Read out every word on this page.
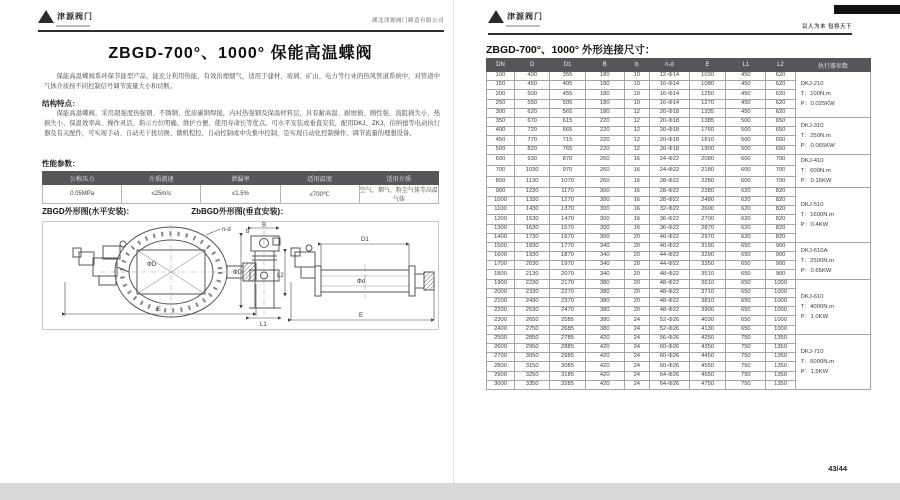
津源阀门	湖北津源阀门制造有限公司
ZBGD-700°、1000° 保能高温蝶阀

保能高温蝶阀系环保节能型产品，能充分利用热能、有效治理烟气，适用于建材、玻璃、矿山、电力等行业的热风管道系统中，对管道中气体介质按不同控制信号调节流量大小和切断。

结构特点：

保能高温蝶阀，采用超强度热强钢、不锈钢、优质碳钢焊接，内衬热强钢及保温材料层，具有耐高温、耐磨损、刚性强、流阻损失小、热损失小、保温效率高、操作灵活、指示方位明确、维护方便、使用寿命长等优点。可水平安装或垂直安装，配用DKJ、ZKJ、伯纳德等电动执行器及有关配件，可实现手动、自动无干扰切换、微机程控、自动控制或中央集中控制，是实现自动化控制操作、调节流量的理想设备。

性能参数：
公称压力	介质流速	泄漏率	适用温度	适用介质
0.05MPa	≤25m/s	≤1.5%	≤700℃	空气、烟气、粉尘气体等高温气体
ZBGD外形图(水平安装)：	ZbBGD外形图(垂直安装)：
E
n-d
ΦD
B
b
ΦD
L1
D1
Φd
E
L2
津源阀门
以人为本 包容天下
ZBGD-700°、1000° 外形连接尺寸：
DN	D	D1	B	b	n-d	E	L1	L2	执行器参数
100	400	355	180	10	12-Φ14	1030	450	620	DKJ-210
T：100N.m
P：0.025KW
150	450	405	180	10	16-Φ14	1080	450	620	
200	500	455	180	10	16-Φ14	1250	450	620	
250	550	505	180	10	16-Φ14	1270	450	620	
300	620	565	180	12	20-Φ18	1335	450	620	
350	670	615	220	12	20-Φ18	1385	500	650	DKJ-310
T：250N.m
P：0.065KW
400	720	665	220	12	20-Φ18	1760	500	650	
450	770	715	220	12	20-Φ18	1810	500	650	
500	820	765	220	12	20-Φ18	1900	500	650	
600	930	870	260	16	24-Φ22	2080	600	700	DKJ-410
T：600N.m
P：0.16KW
700	1030	970	260	16	24-Φ22	2180	600	700	
800	1130	1070	260	16	28-Φ22	2280	600	700	
900	1230	1170	300	16	28-Φ22	2380	620	820	DKJ-510
T：1600N.m
P：0.4KW
1000	1330	1270	300	16	28-Φ22	2480	620	820	
1100	1430	1370	300	16	32-Φ22	2600	620	820	
1200	1530	1470	300	16	36-Φ22	2700	620	820	
1300	1630	1570	300	16	36-Φ22	2870	620	820	
1400	1730	1670	300	20	40-Φ22	2970	620	820	
1500	1830	1770	340	20	40-Φ22	3190	650	900	DKJ-610A
T：2500N.m
P：0.65KW
1600	1930	1870	340	20	44-Φ22	3290	650	900	
1700	2030	1970	340	20	44-Φ22	3350	650	900	
1800	2130	2070	340	20	48-Φ22	3510	650	900	
1900	2230	2170	380	20	48-Φ22	3610	650	1000	DKJ-610
T：4000N.m
P：1.0KW
2000	2330	2270	380	20	48-Φ22	3710	650	1000	
2100	2430	2370	380	20	48-Φ22	3810	650	1000	
2200	2530	2470	380	20	48-Φ22	3900	650	1000	
2300	2650	2585	380	24	52-Φ26	4030	650	1000	
2400	2750	2685	380	24	52-Φ26	4130	650	1000	
2500	2850	2785	420	24	56-Φ26	4250	750	1350	DKJ-710
T：6000N.m
P：1.5KW
2600	2950	2885	420	24	60-Φ26	4350	750	1350	
2700	3050	2985	420	24	60-Φ26	4450	750	1350	
2800	3150	3085	420	24	60-Φ26	4550	750	1350	
2900	3250	3185	420	24	64-Φ26	4650	750	1350	
3000	3350	3285	420	24	64-Φ26	4750	750	1350	
43/44
